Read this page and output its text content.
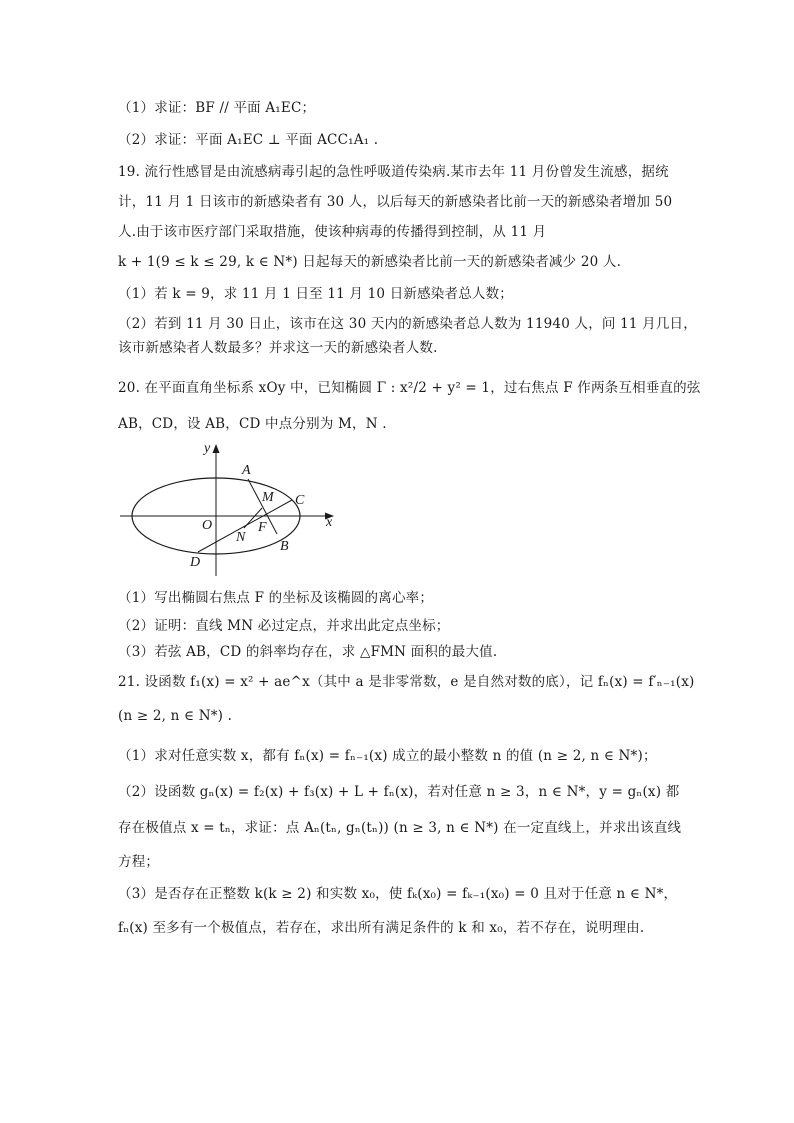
（1）求证：BF // 平面 A₁EC；
（2）求证：平面 A₁EC ⊥ 平面 ACC₁A₁ .
19. 流行性感冒是由流感病毒引起的急性呼吸道传染病.某市去年 11 月份曾发生流感，据统
计，11 月 1 日该市的新感染者有 30 人，以后每天的新感染者比前一天的新感染者增加 50
人.由于该市医疗部门采取措施，使该种病毒的传播得到控制，从 11 月
k + 1(9 ≤ k ≤ 29, k ∈ N*) 日起每天的新感染者比前一天的新感染者减少 20 人.
（1）若 k = 9，求 11 月 1 日至 11 月 10 日新感染者总人数；
（2）若到 11 月 30 日止，该市在这 30 天内的新感染者总人数为 11940 人，问 11 月几日，
该市新感染者人数最多？并求这一天的新感染者人数.
20. 在平面直角坐标系 xOy 中，已知椭圆 Γ : x²/2 + y² = 1，过右焦点 F 作两条互相垂直的弦
AB，CD，设 AB，CD 中点分别为 M，N .
y
x
O
A
M C
F
N
B
D
（1）写出椭圆右焦点 F 的坐标及该椭圆的离心率；
（2）证明：直线 MN 必过定点，并求出此定点坐标；
（3）若弦 AB，CD 的斜率均存在，求 △FMN 面积的最大值.
21. 设函数 f₁(x) = x² + ae^x（其中 a 是非零常数，e 是自然对数的底），记 fₙ(x) = f′ₙ₋₁(x)
(n ≥ 2, n ∈ N*) .
（1）求对任意实数 x，都有 fₙ(x) = fₙ₋₁(x) 成立的最小整数 n 的值 (n ≥ 2, n ∈ N*)；
（2）设函数 gₙ(x) = f₂(x) + f₃(x) + L + fₙ(x)，若对任意 n ≥ 3，n ∈ N*，y = gₙ(x) 都
存在极值点 x = tₙ，求证：点 Aₙ(tₙ, gₙ(tₙ)) (n ≥ 3, n ∈ N*) 在一定直线上，并求出该直线
方程；
（3）是否存在正整数 k(k ≥ 2) 和实数 x₀，使 fₖ(x₀) = fₖ₋₁(x₀) = 0 且对于任意 n ∈ N*，
fₙ(x) 至多有一个极值点，若存在，求出所有满足条件的 k 和 x₀，若不存在，说明理由.
